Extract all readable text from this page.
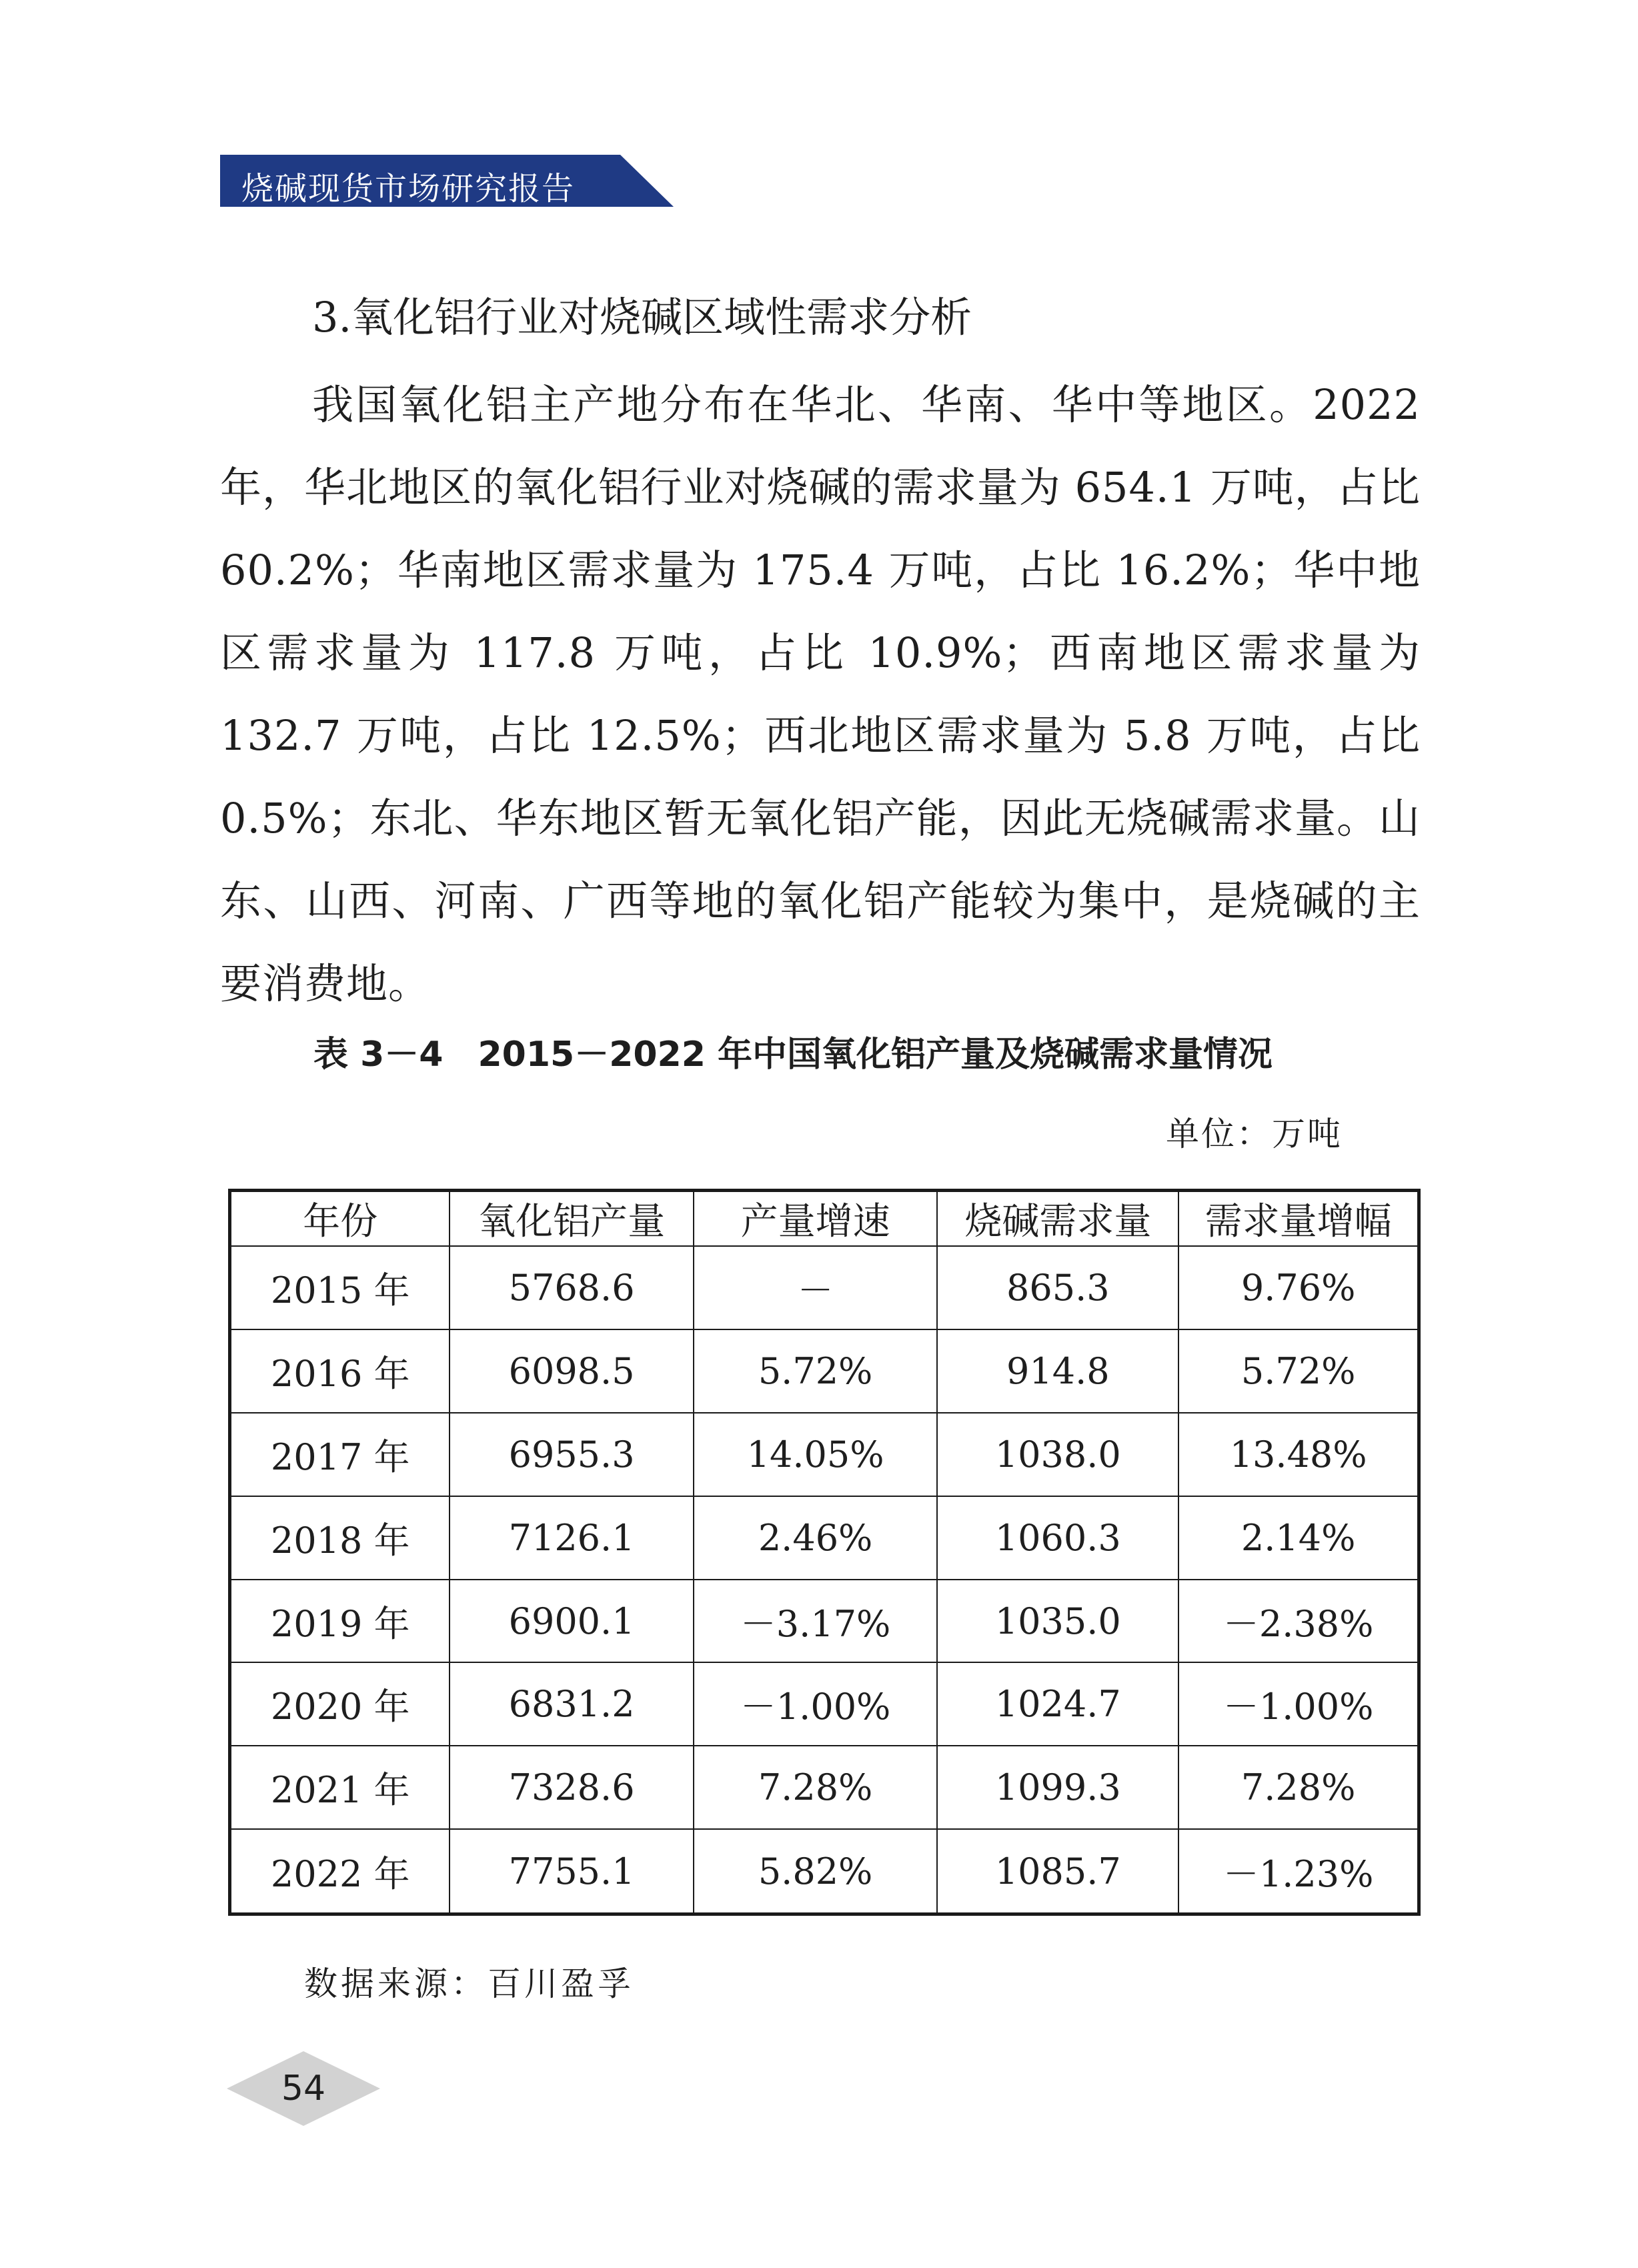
烧碱现货市场研究报告
3.氧化铝行业对烧碱区域性需求分析
我国氧化铝主产地分布在华北、华南、华中等地区。2022 年，华北地区的氧化铝行业对烧碱的需求量为 654.1 万吨，占比 60.2%；华南地区需求量为 175.4 万吨，占比 16.2%；华中地区需求量为 117.8 万吨，占比 10.9%；西南地区需求量为 132.7 万吨，占比 12.5%；西北地区需求量为 5.8 万吨，占比 0.5%；东北、华东地区暂无氧化铝产能，因此无烧碱需求量。山东、山西、河南、广西等地的氧化铝产能较为集中，是烧碱的主要消费地。
表 3－4　2015－2022 年中国氧化铝产量及烧碱需求量情况
单位：万吨
年份	氧化铝产量	产量增速	烧碱需求量	需求量增幅
2015 年	5768.6	－	865.3	9.76%
2016 年	6098.5	5.72%	914.8	5.72%
2017 年	6955.3	14.05%	1038.0	13.48%
2018 年	7126.1	2.46%	1060.3	2.14%
2019 年	6900.1	－3.17%	1035.0	－2.38%
2020 年	6831.2	－1.00%	1024.7	－1.00%
2021 年	7328.6	7.28%	1099.3	7.28%
2022 年	7755.1	5.82%	1085.7	－1.23%
数据来源：百川盈孚
54
